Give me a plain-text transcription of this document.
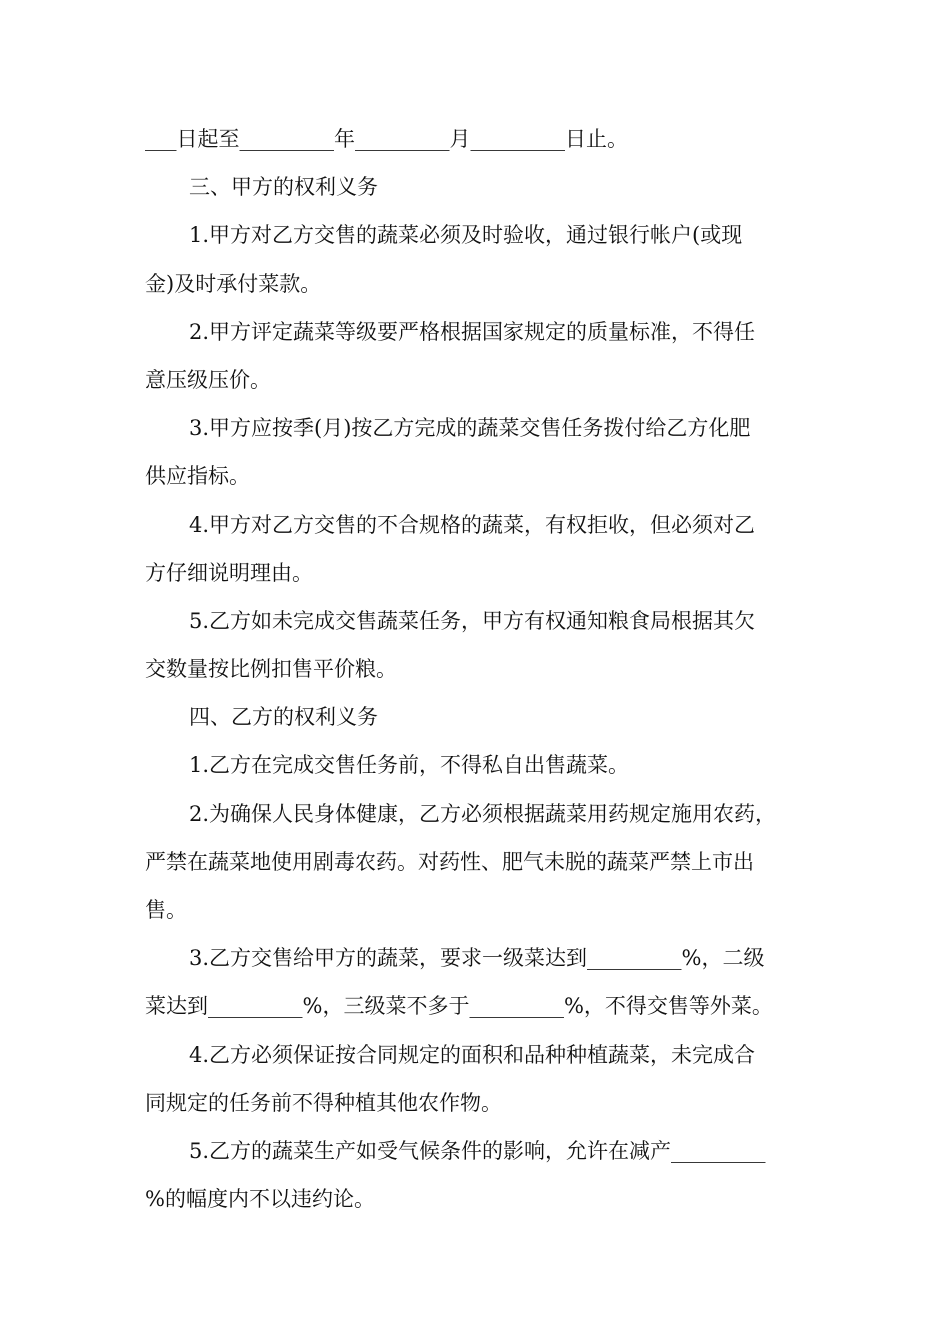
___日起至_________年_________月_________日止。
三、甲方的权利义务
1.甲方对乙方交售的蔬菜必须及时验收，通过银行帐户(或现
金)及时承付菜款。
2.甲方评定蔬菜等级要严格根据国家规定的质量标准，不得任
意压级压价。
3.甲方应按季(月)按乙方完成的蔬菜交售任务拨付给乙方化肥
供应指标。
4.甲方对乙方交售的不合规格的蔬菜，有权拒收，但必须对乙
方仔细说明理由。
5.乙方如未完成交售蔬菜任务，甲方有权通知粮食局根据其欠
交数量按比例扣售平价粮。
四、乙方的权利义务
1.乙方在完成交售任务前，不得私自出售蔬菜。
2.为确保人民身体健康，乙方必须根据蔬菜用药规定施用农药，
严禁在蔬菜地使用剧毒农药。对药性、肥气未脱的蔬菜严禁上市出
售。
3.乙方交售给甲方的蔬菜，要求一级菜达到_________%，二级
菜达到_________%，三级菜不多于_________%，不得交售等外菜。
4.乙方必须保证按合同规定的面积和品种种植蔬菜，未完成合
同规定的任务前不得种植其他农作物。
5.乙方的蔬菜生产如受气候条件的影响，允许在减产_________
%的幅度内不以违约论。
